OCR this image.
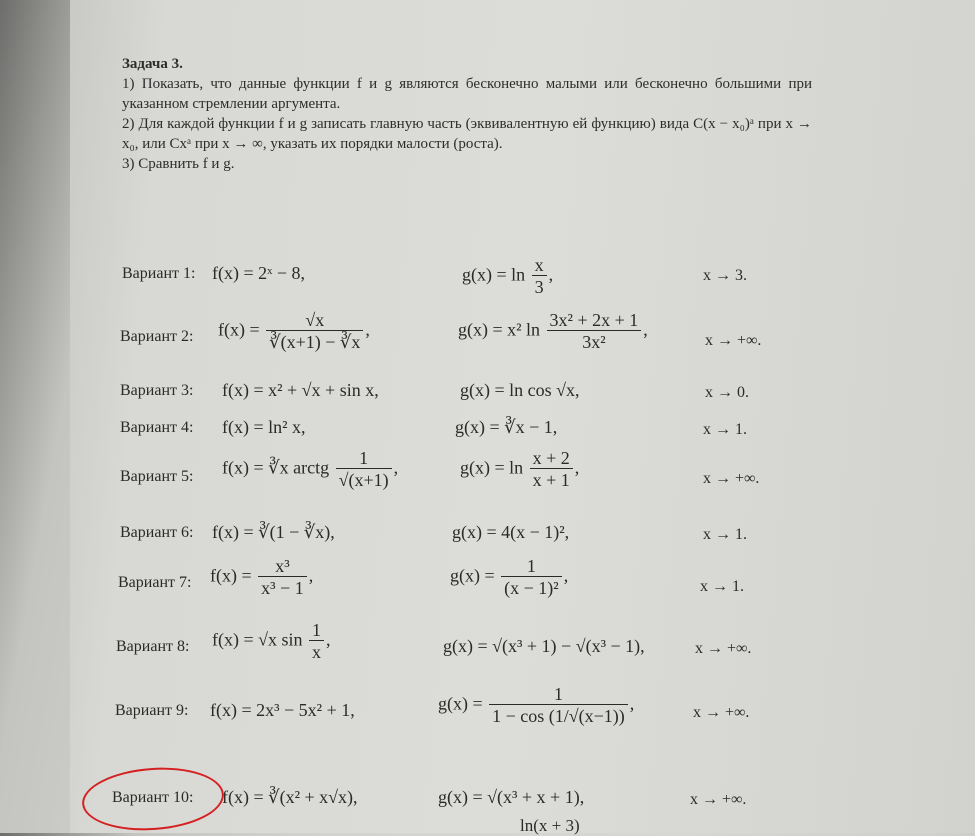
Задача 3.

1) Показать, что данные функции f и g являются бесконечно малыми или бесконечно большими при указанном стремлении аргумента.

2) Для каждой функции f и g записать главную часть (эквивалентную ей функцию) вида C(x − x₀)ᵃ при x → x₀, или Cxᵃ при x → ∞, указать их порядки малости (роста).

3) Сравнить f и g.

Вариант 1: f(x) = 2ˣ − 8,	$g(x) = \ln \frac{x}{3}$ ,	x → 3.
Вариант 2: $f(x) = \frac{√x}{∛(x+1) - ∛x}$ ,	g(x) = x² $\ln \frac{\text{3x² + 2x + 1}}{\text{3x²}}$ ,
x → +∞.
Вариант 3: f(x) = x² + √x + sin x,	g(x) = ln cos √x,	x → 0.
Вариант 4: f(x) = ln² x,	g(x) = ∛x − 1,	x → 1.
Вариант 5: f(x) = ∛x arctg $\frac{1}{√(x+1)}$ ,	$g(x) = \ln \frac{x + 2}{x + 1}$ ,
x → +∞.
Вариант 6: f(x) = ∛(1 − ∛x),	g(x) = 4(x − 1)²,	x → 1.
Вариант 7: $f(x) = \frac{\text{x³}}{\text{x³ − 1}}$ ,	$g(x) = \frac{1}{\text{(x − 1)²}}$ ,
x → 1.
Вариант 8: f(x) = √x $\sin \frac{1}{x}$ ,	g(x) = √(x³ + 1) − √(x³ − 1),	x → +∞.
Вариант 9: f(x) = 2x³ − 5x² + 1,	$g(x) = \frac{1}{1 - \cos (1/√(x-1))}$ ,	x → +∞.
Вариант 10: f(x) = ∛(x² + x√x),	g(x) = √(x³ + x + 1),	x → +∞.
ln(x + 3)
